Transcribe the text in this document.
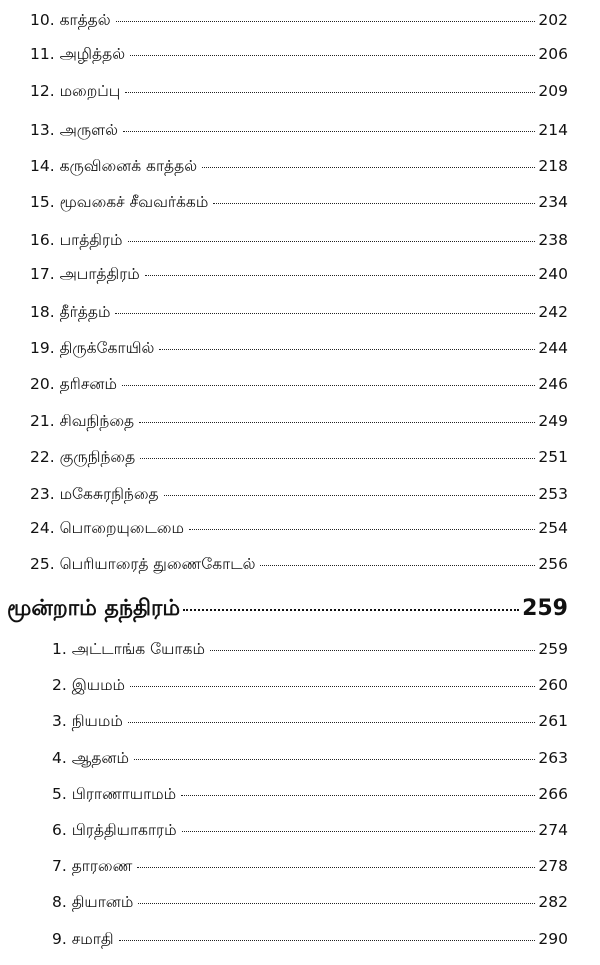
10. காத்தல்	202
11. அழித்தல்	206
12. மறைப்பு	209
13. அருளல்	214
14. கருவினைக் காத்தல்	218
15. மூவகைச் சீவவர்க்கம்	234
16. பாத்திரம்	238
17. அபாத்திரம்	240
18. தீர்த்தம்	242
19. திருக்கோயில்	244
20. தரிசனம்	246
21. சிவநிந்தை	249
22. குருநிந்தை	251
23. மகேசுரநிந்தை	253
24. பொறையுடைமை	254
25. பெரியாரைத் துணைகோடல்	256
மூன்றாம் தந்திரம்	259
1. அட்டாங்க யோகம்	259
2. இயமம்	260
3. நியமம்	261
4. ஆதனம்	263
5. பிராணாயாமம்	266
6. பிரத்தியாகாரம்	274
7. தாரணை	278
8. தியானம்	282
9. சமாதி	290
